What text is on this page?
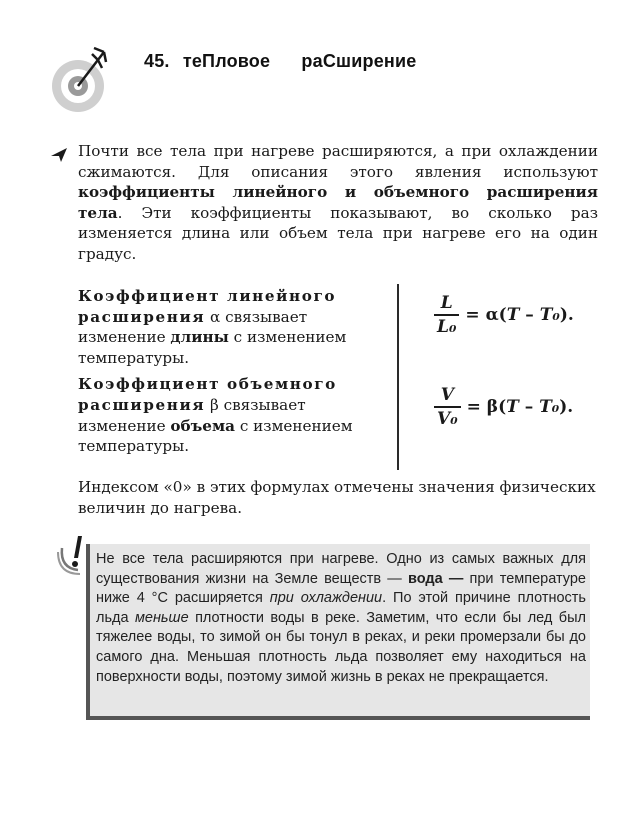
45. теПловое раСширение
Почти все тела при нагреве расширяются, а при охлаждении сжимаются. Для описания этого явления используют коэффициенты линейного и объемного расширения тела. Эти коэффициенты показывают, во сколько раз изменяется длина или объем тела при нагреве его на один градус.

Коэффициент линейного расширения α связывает изменение длины с изменением температуры.

Коэффициент объемного расширения β связывает изменение объема с изменением температуры.

$\frac{L}{\text{L₀}} = \alpha(T - T_0)$.
$\frac{V}{\text{V₀}} = \beta(T - T_0)$.
Индексом «0» в этих формулах отмечены значения физических величин до нагрева.
Не все тела расширяются при нагреве. Одно из самых важных для существования жизни на Земле веществ — вода — при температуре ниже 4 °С расширяется при охлаждении. По этой причине плотность льда меньше плотности воды в реке. Заметим, что если бы лед был тяжелее воды, то зимой он бы тонул в реках, и реки промерзали бы до самого дна. Меньшая плотность льда позволяет ему находиться на поверхности воды, поэтому зимой жизнь в реках не прекращается.
